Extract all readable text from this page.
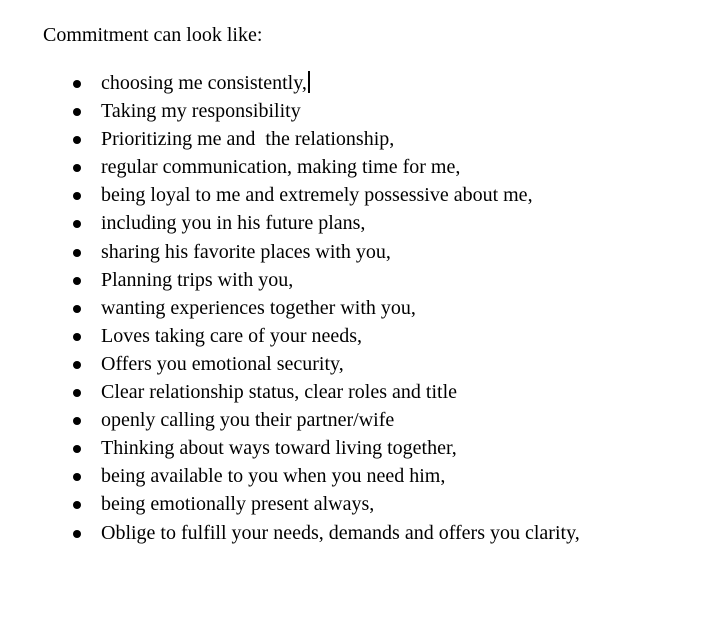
Commitment can look like:

choosing me consistently,

Taking my responsibility

Prioritizing me and  the relationship,

regular communication, making time for me,

being loyal to me and extremely possessive about me,

including you in his future plans,

sharing his favorite places with you,

Planning trips with you,

wanting experiences together with you,

Loves taking care of your needs,

Offers you emotional security,

Clear relationship status, clear roles and title

openly calling you their partner/wife

Thinking about ways toward living together,

being available to you when you need him,

being emotionally present always,

Oblige to fulfill your needs, demands and offers you clarity,
